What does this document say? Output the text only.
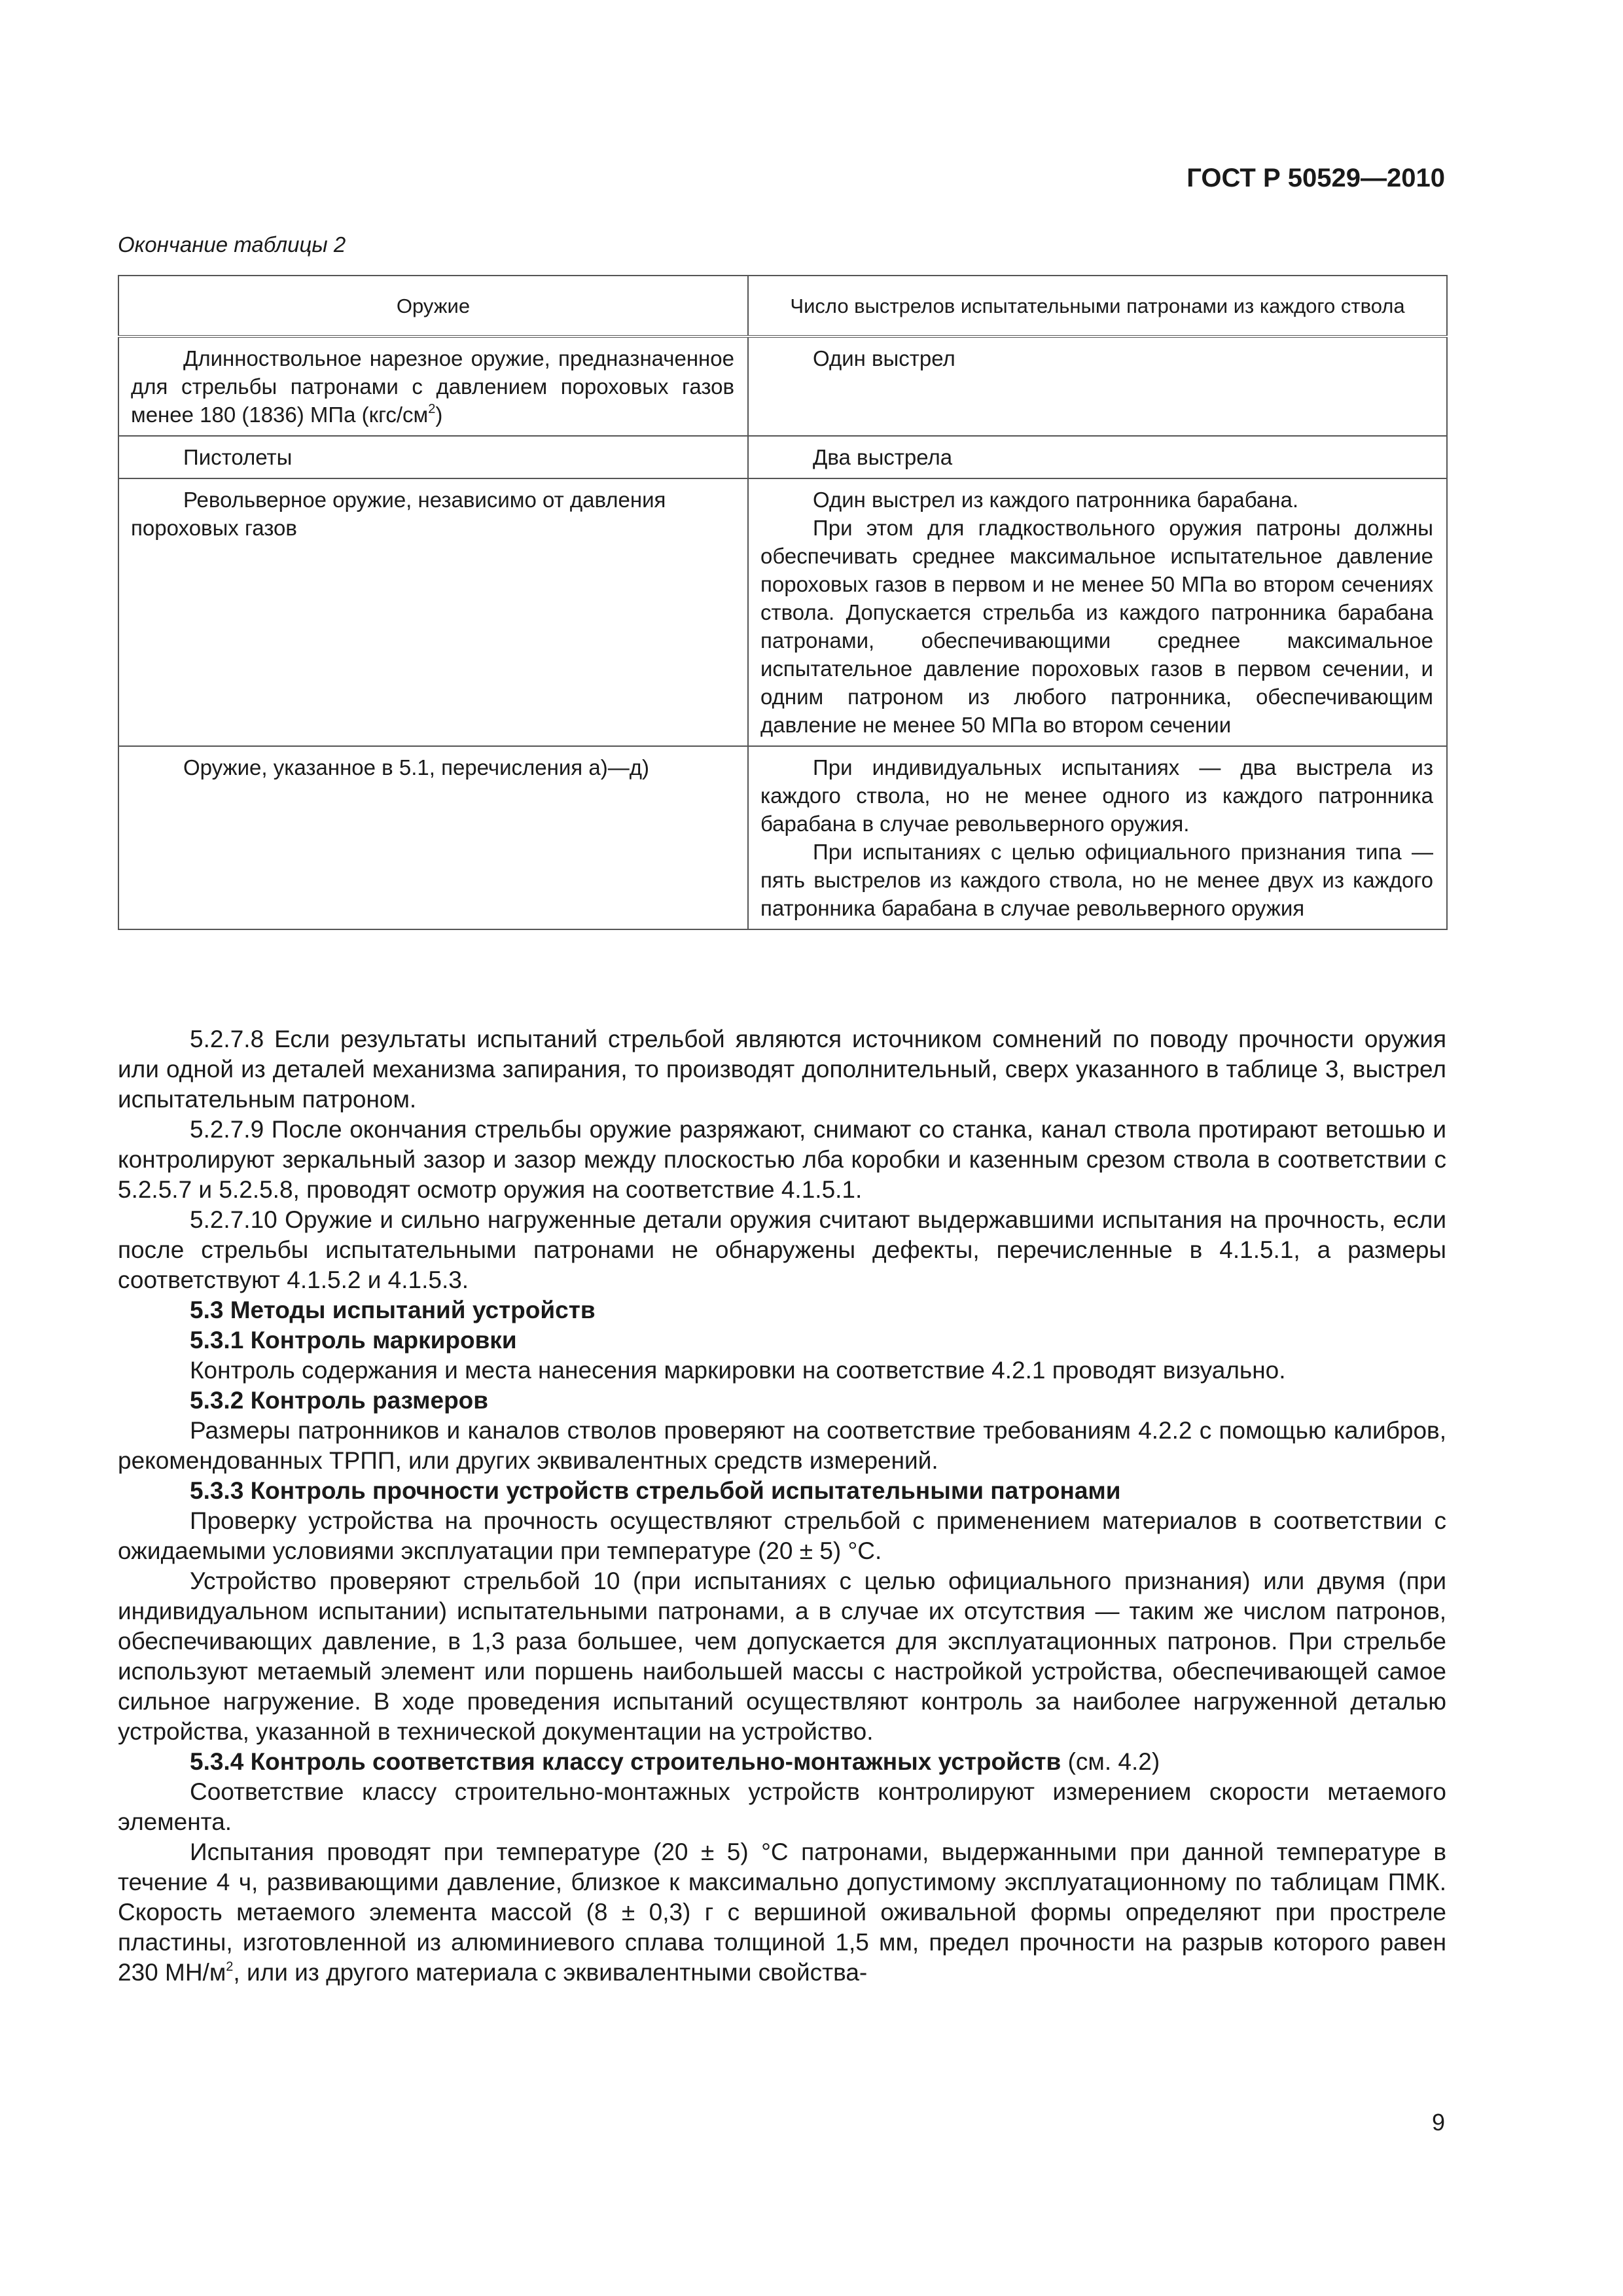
ГОСТ Р 50529—2010

Окончание таблицы 2

Оружие	Число выстрелов испытательными патронами из каждого ствола

Длинноствольное нарезное оружие, предназначенное для стрельбы патронами с давлением пороховых газов менее 180 (1836) МПа $(кгс/см^2)$	Один выстрел

Пистолеты	Два выстрела

Револьверное оружие, независимо от давления пороховых газов	Один выстрел из каждого патронника барабана.

При этом для гладкоствольного оружия патроны должны обеспечивать среднее максимальное испытательное давление пороховых газов в первом и не менее 50 МПа во втором сечениях ствола. Допускается стрельба из каждого патронника барабана патронами, обеспечивающими среднее максимальное испытательное давление пороховых газов в первом сечении, и одним патроном из любого патронника, обеспечивающим давление не менее 50 МПа во втором сечении

Оружие, указанное в 5.1, перечисления а)—д)	При индивидуальных испытаниях — два выстрела из каждого ствола, но не менее одного из каждого патронника барабана в случае револьверного оружия.

При испытаниях с целью официального признания типа — пять выстрелов из каждого ствола, но не менее двух из каждого патронника барабана в случае револьверного оружия

5.2.7.8 Если результаты испытаний стрельбой являются источником сомнений по поводу прочности оружия или одной из деталей механизма запирания, то производят дополнительный, сверх указанного в таблице 3, выстрел испытательным патроном.

5.2.7.9 После окончания стрельбы оружие разряжают, снимают со станка, канал ствола протирают ветошью и контролируют зеркальный зазор и зазор между плоскостью лба коробки и казенным срезом ствола в соответствии с 5.2.5.7 и 5.2.5.8, проводят осмотр оружия на соответствие 4.1.5.1.

5.2.7.10 Оружие и сильно нагруженные детали оружия считают выдержавшими испытания на прочность, если после стрельбы испытательными патронами не обнаружены дефекты, перечисленные в 4.1.5.1, а размеры соответствуют 4.1.5.2 и 4.1.5.3.

5.3 Методы испытаний устройств
5.3.1 Контроль маркировки

Контроль содержания и места нанесения маркировки на соответствие 4.2.1 проводят визуально.

5.3.2 Контроль размеров

Размеры патронников и каналов стволов проверяют на соответствие требованиям 4.2.2 с помощью калибров, рекомендованных ТРПП, или других эквивалентных средств измерений.

5.3.3 Контроль прочности устройств стрельбой испытательными патронами

Проверку устройства на прочность осуществляют стрельбой с применением материалов в соответствии с ожидаемыми условиями эксплуатации при температуре (20 ± 5) °С.

Устройство проверяют стрельбой 10 (при испытаниях с целью официального признания) или двумя (при индивидуальном испытании) испытательными патронами, а в случае их отсутствия — таким же числом патронов, обеспечивающих давление, в 1,3 раза большее, чем допускается для эксплуатационных патронов. При стрельбе используют метаемый элемент или поршень наибольшей массы с настройкой устройства, обеспечивающей самое сильное нагружение. В ходе проведения испытаний осуществляют контроль за наиболее нагруженной деталью устройства, указанной в технической документации на устройство.

5.3.4 Контроль соответствия классу строительно-монтажных устройств (см. 4.2)

Соответствие классу строительно-монтажных устройств контролируют измерением скорости метаемого элемента.

Испытания проводят при температуре (20 ± 5) °С патронами, выдержанными при данной температуре в течение 4 ч, развивающими давление, близкое к максимально допустимому эксплуатационному по таблицам ПМК. Скорость метаемого элемента массой (8 ± 0,3) г с вершиной оживальной формы определяют при простреле пластины, изготовленной из алюминиевого сплава толщиной 1,5 мм, предел прочности на разрыв которого равен 230 $МН/м^2$, или из другого материала с эквивалентными свойства-

9
